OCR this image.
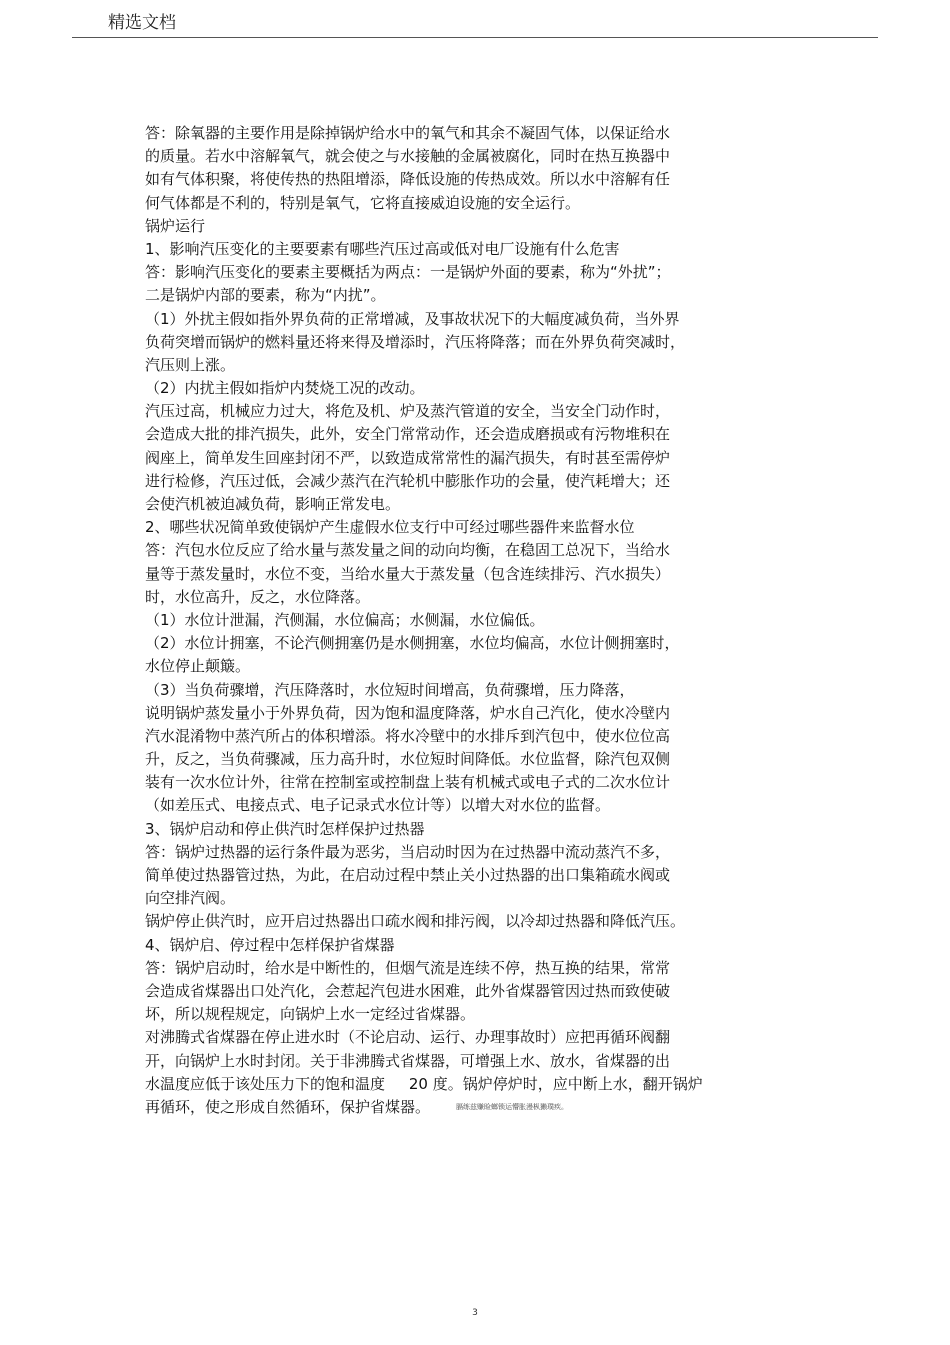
精选文档
答：除氧器的主要作用是除掉锅炉给水中的氧气和其余不凝固气体，以保证给水
的质量。若水中溶解氧气，就会使之与水接触的金属被腐化，同时在热互换器中
如有气体积聚，将使传热的热阻增添，降低设施的传热成效。所以水中溶解有任
何气体都是不利的，特别是氧气，它将直接威迫设施的安全运行。
锅炉运行
1、影响汽压变化的主要要素有哪些汽压过高或低对电厂设施有什么危害
答：影响汽压变化的要素主要概括为两点：一是锅炉外面的要素，称为“外扰”；
二是锅炉内部的要素，称为“内扰”。
（1）外扰主假如指外界负荷的正常增减，及事故状况下的大幅度减负荷，当外界
负荷突增而锅炉的燃料量还将来得及增添时，汽压将降落；而在外界负荷突减时，
汽压则上涨。
（2）内扰主假如指炉内焚烧工况的改动。
汽压过高，机械应力过大，将危及机、炉及蒸汽管道的安全，当安全门动作时，
会造成大批的排汽损失，此外，安全门常常动作，还会造成磨损或有污物堆积在
阀座上，简单发生回座封闭不严，以致造成常常性的漏汽损失，有时甚至需停炉
进行检修，汽压过低，会减少蒸汽在汽轮机中膨胀作功的会量，使汽耗增大；还
会使汽机被迫减负荷，影响正常发电。
2、哪些状况简单致使锅炉产生虚假水位支行中可经过哪些器件来监督水位
答：汽包水位反应了给水量与蒸发量之间的动向均衡，在稳固工总况下，当给水
量等于蒸发量时，水位不变，当给水量大于蒸发量（包含连续排污、汽水损失）
时，水位高升，反之，水位降落。
（1）水位计泄漏，汽侧漏，水位偏高；水侧漏，水位偏低。
（2）水位计拥塞，不论汽侧拥塞仍是水侧拥塞，水位均偏高，水位计侧拥塞时，
水位停止颠簸。
（3）当负荷骤增，汽压降落时，水位短时间增高，负荷骤增，压力降落，
说明锅炉蒸发量小于外界负荷，因为饱和温度降落，炉水自己汽化，使水冷壁内
汽水混淆物中蒸汽所占的体积增添。将水冷壁中的水排斥到汽包中，使水位位高
升，反之，当负荷骤减，压力高升时，水位短时间降低。水位监督，除汽包双侧
装有一次水位计外，往常在控制室或控制盘上装有机械式或电子式的二次水位计
（如差压式、电接点式、电子记录式水位计等）以增大对水位的监督。
3、锅炉启动和停止供汽时怎样保护过热器
答：锅炉过热器的运行条件最为恶劣，当启动时因为在过热器中流动蒸汽不多，
简单使过热器管过热，为此，在启动过程中禁止关小过热器的出口集箱疏水阀或
向空排汽阀。
锅炉停止供汽时，应开启过热器出口疏水阀和排污阀，以冷却过热器和降低汽压。
4、锅炉启、停过程中怎样保护省煤器
答：锅炉启动时，给水是中断性的，但烟气流是连续不停，热互换的结果，常常
会造成省煤器出口处汽化，会惹起汽包进水困难，此外省煤器管因过热而致使破
坏，所以规程规定，向锅炉上水一定经过省煤器。
对沸腾式省煤器在停止进水时（不论启动、运行、办理事故时）应把再循环阀翻
开，向锅炉上水时封闭。关于非沸腾式省煤器，可增强上水、放水，省煤器的出
水温度应低于该处压力下的饱和温度     20 度。锅炉停炉时，应中断上水，翻开锅炉
再循环，使之形成自然循环，保护省煤器。	膈练兹赚睑螂锁运懵胀漫枞獭璞疾。
3
